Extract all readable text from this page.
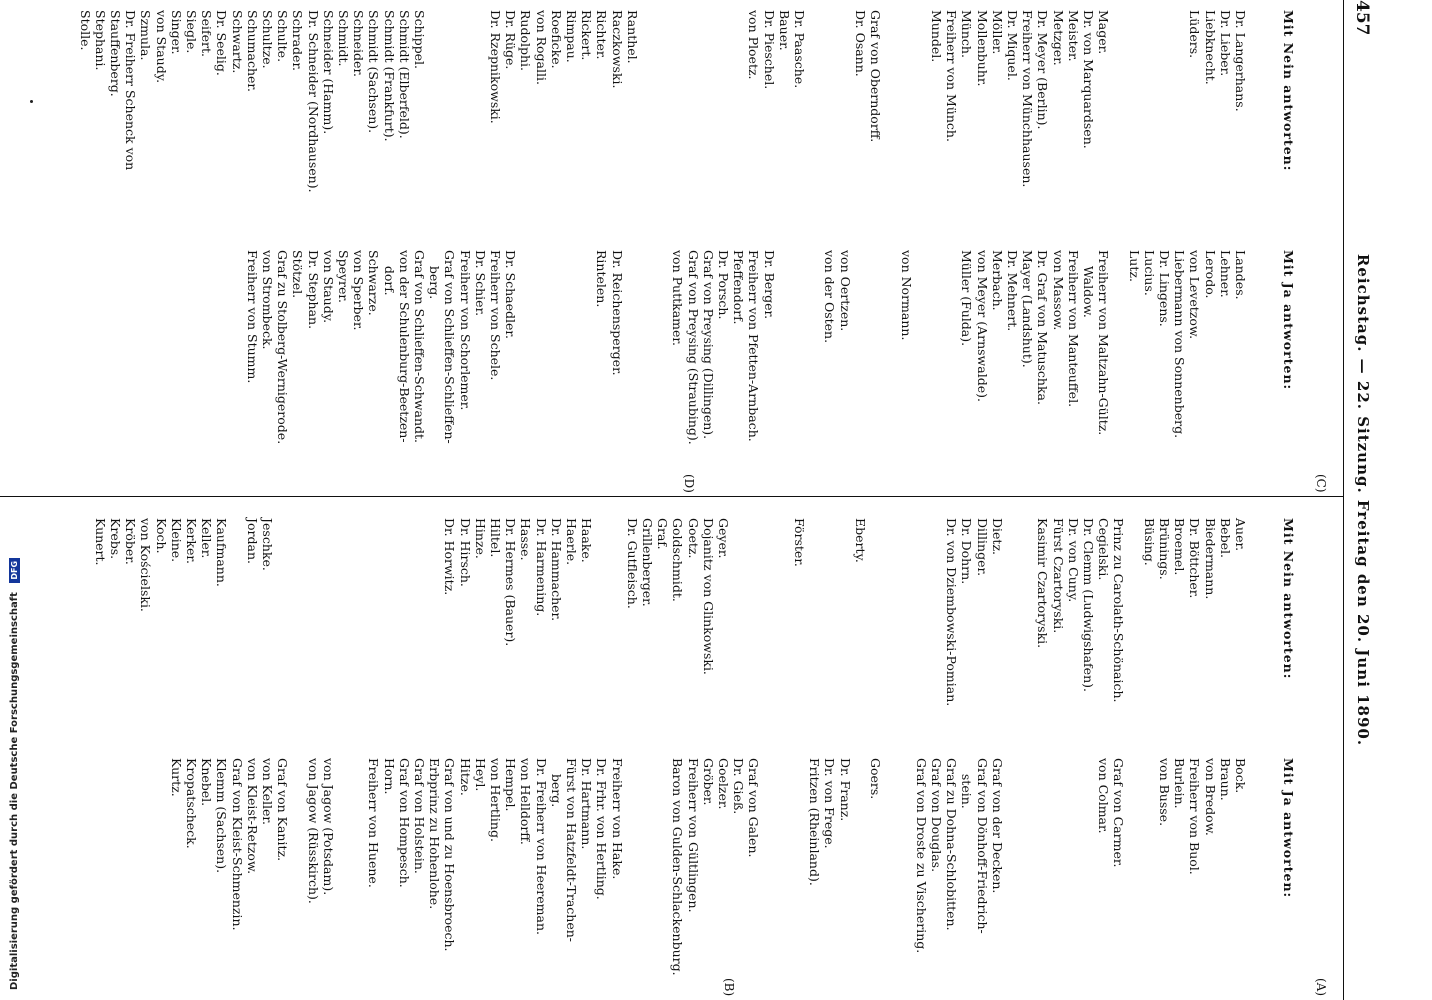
457
Reichstag. — 22. Sitzung. Freitag den 20. Juni 1890.
(C)
(D)

Mit Ja antworten:

Landes.
Lehner.
Lerodo.
von Levetzow.
Liebermann von Sonnenberg.
Dr. Lingens.
Lucius.
Lutz.

Freiherr von Maltzahn-Gültz.
Waldow.
Freiherr von Manteuffel.
von Massow.
Dr. Graf von Matuschka.
Mayer (Landshut).
Dr. Mehnert.
Merbach.
von Meyer (Arnswalde).
Müller (Fulda).

von Normann.

von Oertzen.
von der Osten.

Dr. Berger.
Freiherr von Pfetten-Arnbach.
Pfeffendorf.
Dr. Porsch.
Graf von Preysing (Dillingen).
Graf von Preysing (Straubing).
von Puttkamer.

Dr. Reichensperger.
Rintelen.

Dr. Schaedler.
Freiherr von Schele.
Dr. Schier.
Freiherr von Schorlemer.
Graf von Schlieffen-Schlieffen-
berg.
Graf von Schlieffen-Schwandt.
von der Schulenburg-Beetzen-
dorf.
Schwarze.
von Sperber.
Speyrer.
von Staudy.
Dr. Stephan.
Stötzel.
Graf zu Stolberg-Wernigerode.
von Strombeck.
Freiherr von Stumm.

Mit Nein antworten:

Dr. Langerhans.
Dr. Lieber.
Liebknecht.
Lüders.

Mager.
Dr. von Marquardsen.
Meister.
Metzger.
Dr. Meyer (Berlin).
Freiherr von Münchhausen.
Dr. Miquel.
Möller.
Mollenbuhr.
Münch.
Freiherr von Münch.
Mundel.

Graf von Oberndorff.
Dr. Osann.

Dr. Paasche.
Bauer.
Dr. Pieschel.
von Ploetz.

Ranthel.
Raczkowski.
Richter.
Rickert.
Rimpau.
Roeficke.
von Rogalli.
Rudolphi.
Dr. Rüge.
Dr. Rzepnikowski.

Schippel.
Schmidt (Elberfeld).
Schmidt (Frankfurt).
Schmidt (Sachsen).
Schneider.
Schmidt.
Schneider (Hamm).
Dr. Schneider (Nordhausen).
Schrader.
Schulte.
Schultze.
Schumacher.
Schwartz.
Dr. Seelig.
Seifert.
Siegle.
Singer.
von Staudy.
Szmula.
Dr. Freiherr Schenck von
Stauffenberg.
Stephani.
Stolle.

(A)
(B)

Mit Ja antworten:

Bock.
Braun.
von Bredow.
Freiherr von Buol.
Burlein.
von Busse.

Graf von Carmer.
von Colmar.

Graf von der Decken.
Graf von Dönhoff-Friedrich-
stein.
Graf zu Dohna-Schlobitten.
Graf von Douglas.
Graf von Droste zu Vischering.

Goers.

Dr. Franz.
Dr. von Frege.
Fritzen (Rheinland).

Graf von Galen.
Dr. Gieß.
Goelzer.
Gröber.
Freiherr von Gültlingen.
Baron von Gulden-Schlackenburg.

Freiherr von Hake.
Dr. Frhr. von Hertling.
Dr. Hartmann.
Fürst von Hatzfeldt-Trachen-
berg.
Dr. Freiherr von Heereman.
von Helldorff.
Hempel.
von Hertling.
Heyl.
Hitze.
Graf von und zu Hoensbroech.
Erbprinz zu Hohenlohe.
Graf von Holstein.
Graf von Hompesch.
Horn.
Freiherr von Huene.

von Jagow (Potsdam).
von Jagow (Rüsskirch).

Graf von Kanitz.
von Keller.
von Kleist-Retzow.
Graf von Kleist-Schmenzin.
Klemm (Sachsen).
Knebel.
Kropatscheck.
Kurtz.

Mit Nein antworten:

Auer.
Bebel.
Biedermann.
Dr. Böttcher.
Broemel.
Brünings.
Büsing.

Prinz zu Carolath-Schönaich.
Cegielski.
Dr. Clemm (Ludwigshafen).
Dr. von Cuny.
Fürst Czartoryski.
Kasimir Czartoryski.

Dietz.
Dillinger.
Dr. Dohrn.
Dr. von Dziembowski-Pomian.

Eberty.

Förster.

Geyer.
Dojanitz von Glinkowski.
Goetz.
Goldschmidt.
Graf.
Grillenberger.
Dr. Gutfleisch.

Haake.
Haerle.
Dr. Hammacher.
Dr. Harmening.
Hasse.
Dr. Hermes (Bauer).
Hiltel.
Hinze.
Dr. Hirsch.
Dr. Horwitz.

Jeschke.
Jordan.

Kaufmann.
Keller.
Kerker.
Kleine.
Koch.
von Kościelski.
Kröber.
Krebs.
Kunert.

Digitalisierung gefördert durch die Deutsche Forschungsgemeinschaft DFG
